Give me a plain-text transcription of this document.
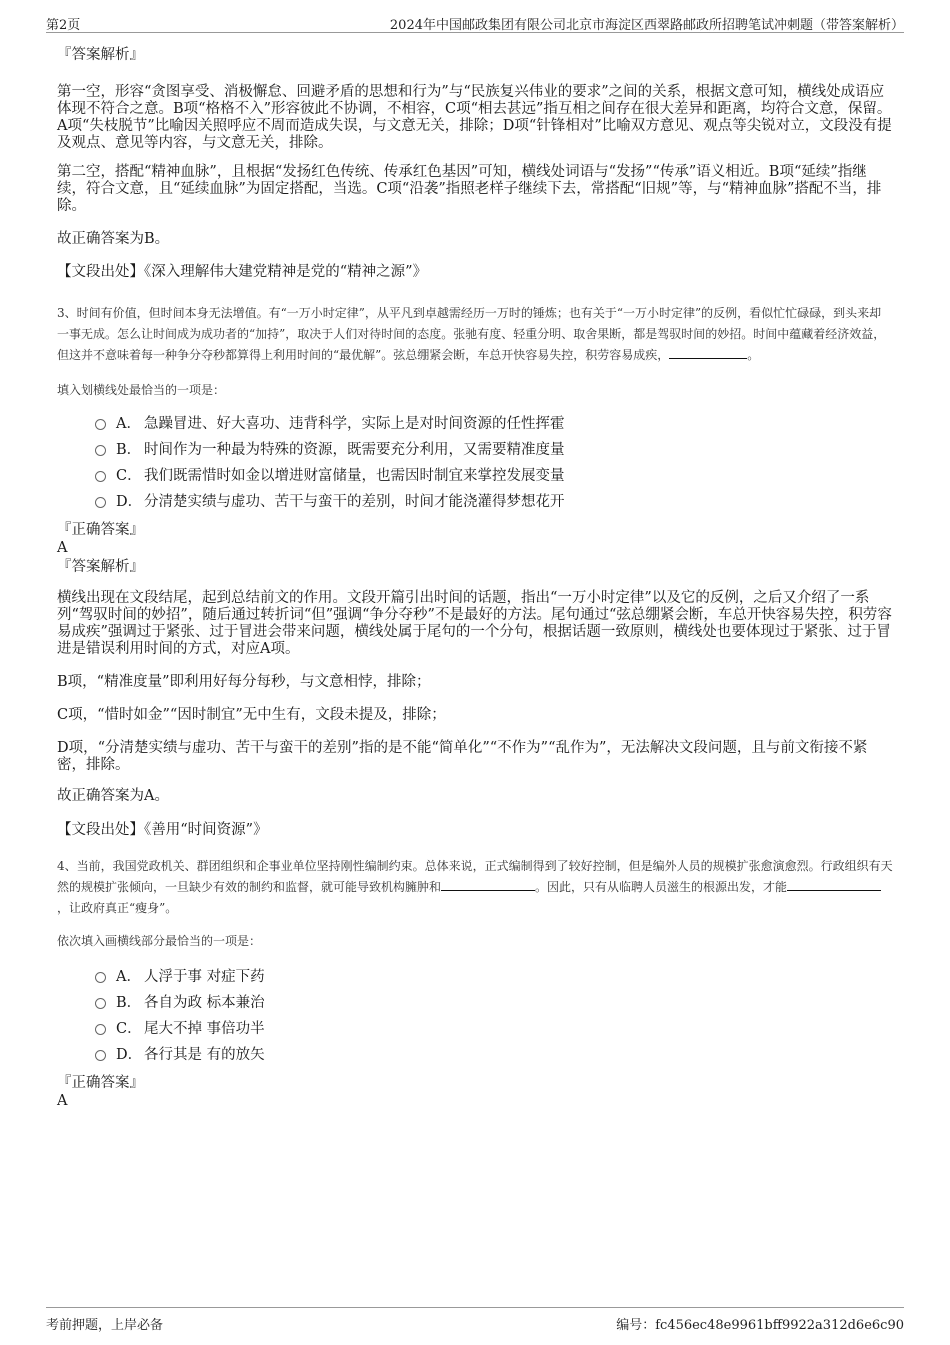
第2页	2024年中国邮政集团有限公司北京市海淀区西翠路邮政所招聘笔试冲刺题（带答案解析）

『答案解析』

第一空，形容“贪图享受、消极懈怠、回避矛盾的思想和行为”与“民族复兴伟业的要求”之间的关系，根据文意可知，横线处成语应体现不符合之意。B项“格格不入”形容彼此不协调，不相容，C项“相去甚远”指互相之间存在很大差异和距离，均符合文意，保留。A项“失枝脱节”比喻因关照呼应不周而造成失误，与文意无关，排除；D项“针锋相对”比喻双方意见、观点等尖锐对立，文段没有提及观点、意见等内容，与文意无关，排除。

第二空，搭配“精神血脉”，且根据“发扬红色传统、传承红色基因”可知，横线处词语与“发扬”“传承”语义相近。B项“延续”指继续，符合文意，且“延续血脉”为固定搭配，当选。C项“沿袭”指照老样子继续下去，常搭配“旧规”等，与“精神血脉”搭配不当，排除。

故正确答案为B。

【文段出处】《深入理解伟大建党精神是党的“精神之源”》

3、时间有价值，但时间本身无法增值。有“一万小时定律”，从平凡到卓越需经历一万时的锤炼；也有关于“一万小时定律”的反例，看似忙忙碌碌，到头来却一事无成。怎么让时间成为成功者的“加持”，取决于人们对待时间的态度。张驰有度、轻重分明、取舍果断，都是驾驭时间的妙招。时间中蕴藏着经济效益，但这并不意味着每一种争分夺秒都算得上利用时间的“最优解”。弦总绷紧会断，车总开快容易失控，积劳容易成疾，	。

填入划横线处最恰当的一项是：

A． 急躁冒进、好大喜功、违背科学，实际上是对时间资源的任性挥霍
B． 时间作为一种最为特殊的资源，既需要充分利用，又需要精准度量
C． 我们既需惜时如金以增进财富储量，也需因时制宜来掌控发展变量
D． 分清楚实绩与虚功、苦干与蛮干的差别，时间才能浇灌得梦想花开

『正确答案』

A

『答案解析』

横线出现在文段结尾，起到总结前文的作用。文段开篇引出时间的话题，指出“一万小时定律”以及它的反例，之后又介绍了一系列“驾驭时间的妙招”，随后通过转折词“但”强调“争分夺秒”不是最好的方法。尾句通过“弦总绷紧会断，车总开快容易失控，积劳容易成疾”强调过于紧张、过于冒进会带来问题，横线处属于尾句的一个分句，根据话题一致原则，横线处也要体现过于紧张、过于冒进是错误利用时间的方式，对应A项。

B项，“精准度量”即利用好每分每秒，与文意相悖，排除；

C项，“惜时如金”“因时制宜”无中生有，文段未提及，排除；

D项，“分清楚实绩与虚功、苦干与蛮干的差别”指的是不能“简单化”“不作为”“乱作为”，无法解决文段问题，且与前文衔接不紧密，排除。

故正确答案为A。

【文段出处】《善用“时间资源”》

4、当前，我国党政机关、群团组织和企事业单位坚持刚性编制约束。总体来说，正式编制得到了较好控制，但是编外人员的规模扩张愈演愈烈。行政组织有天然的规模扩张倾向，一旦缺少有效的制约和监督，就可能导致机构臃肿和	。因此，只有从临聘人员滋生的根源出发，才能，让政府真正“瘦身”。

依次填入画横线部分最恰当的一项是：

A． 人浮于事 对症下药
B． 各自为政 标本兼治
C． 尾大不掉 事倍功半
D． 各行其是 有的放矢

『正确答案』

A

考前押题，上岸必备	编号：fc456ec48e9961bff9922a312d6e6c90
